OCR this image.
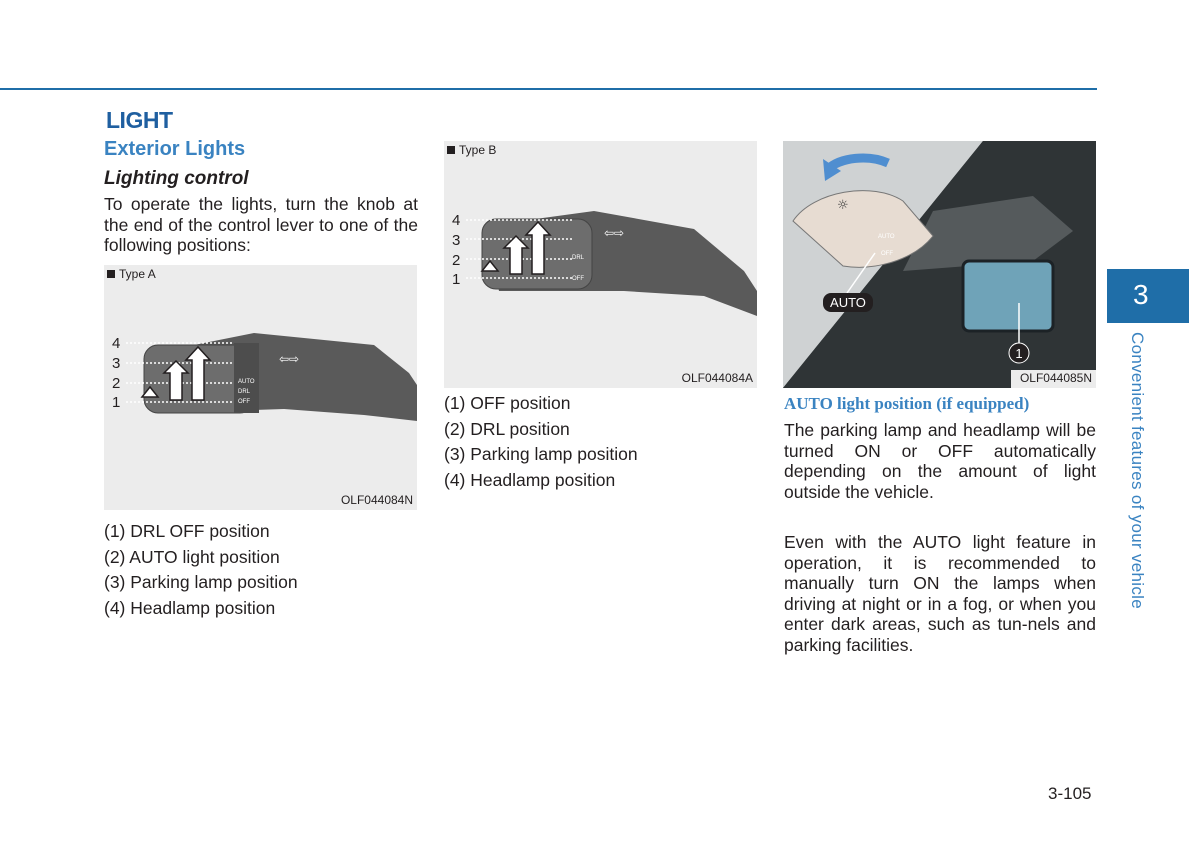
LIGHT
Exterior Lights
Lighting control
To operate the lights, turn the knob at the end of the control lever to one of the following positions:
Type A
⇦⇨
AUTO
DRL
OFF
4
3
2
1
OLF044084N
(1) DRL OFF position
(2) AUTO light position
(3) Parking lamp position
(4) Headlamp position
Type B
⇦⇨
DRL
OFF
4
3
2
1
OLF044084A
(1) OFF position
(2) DRL position
(3) Parking lamp position
(4) Headlamp position
☼
AUTO
OFF
AUTO
1
OLF044085N
AUTO light position (if equipped)
The parking lamp and headlamp will be turned ON or OFF automatically depending on the amount of light outside the vehicle.
Even with the AUTO light feature in operation, it is recommended to manually turn ON the lamps when driving at night or in a fog, or when you enter dark areas, such as tun-nels and parking facilities.
3
Convenient features of your vehicle
3-105
